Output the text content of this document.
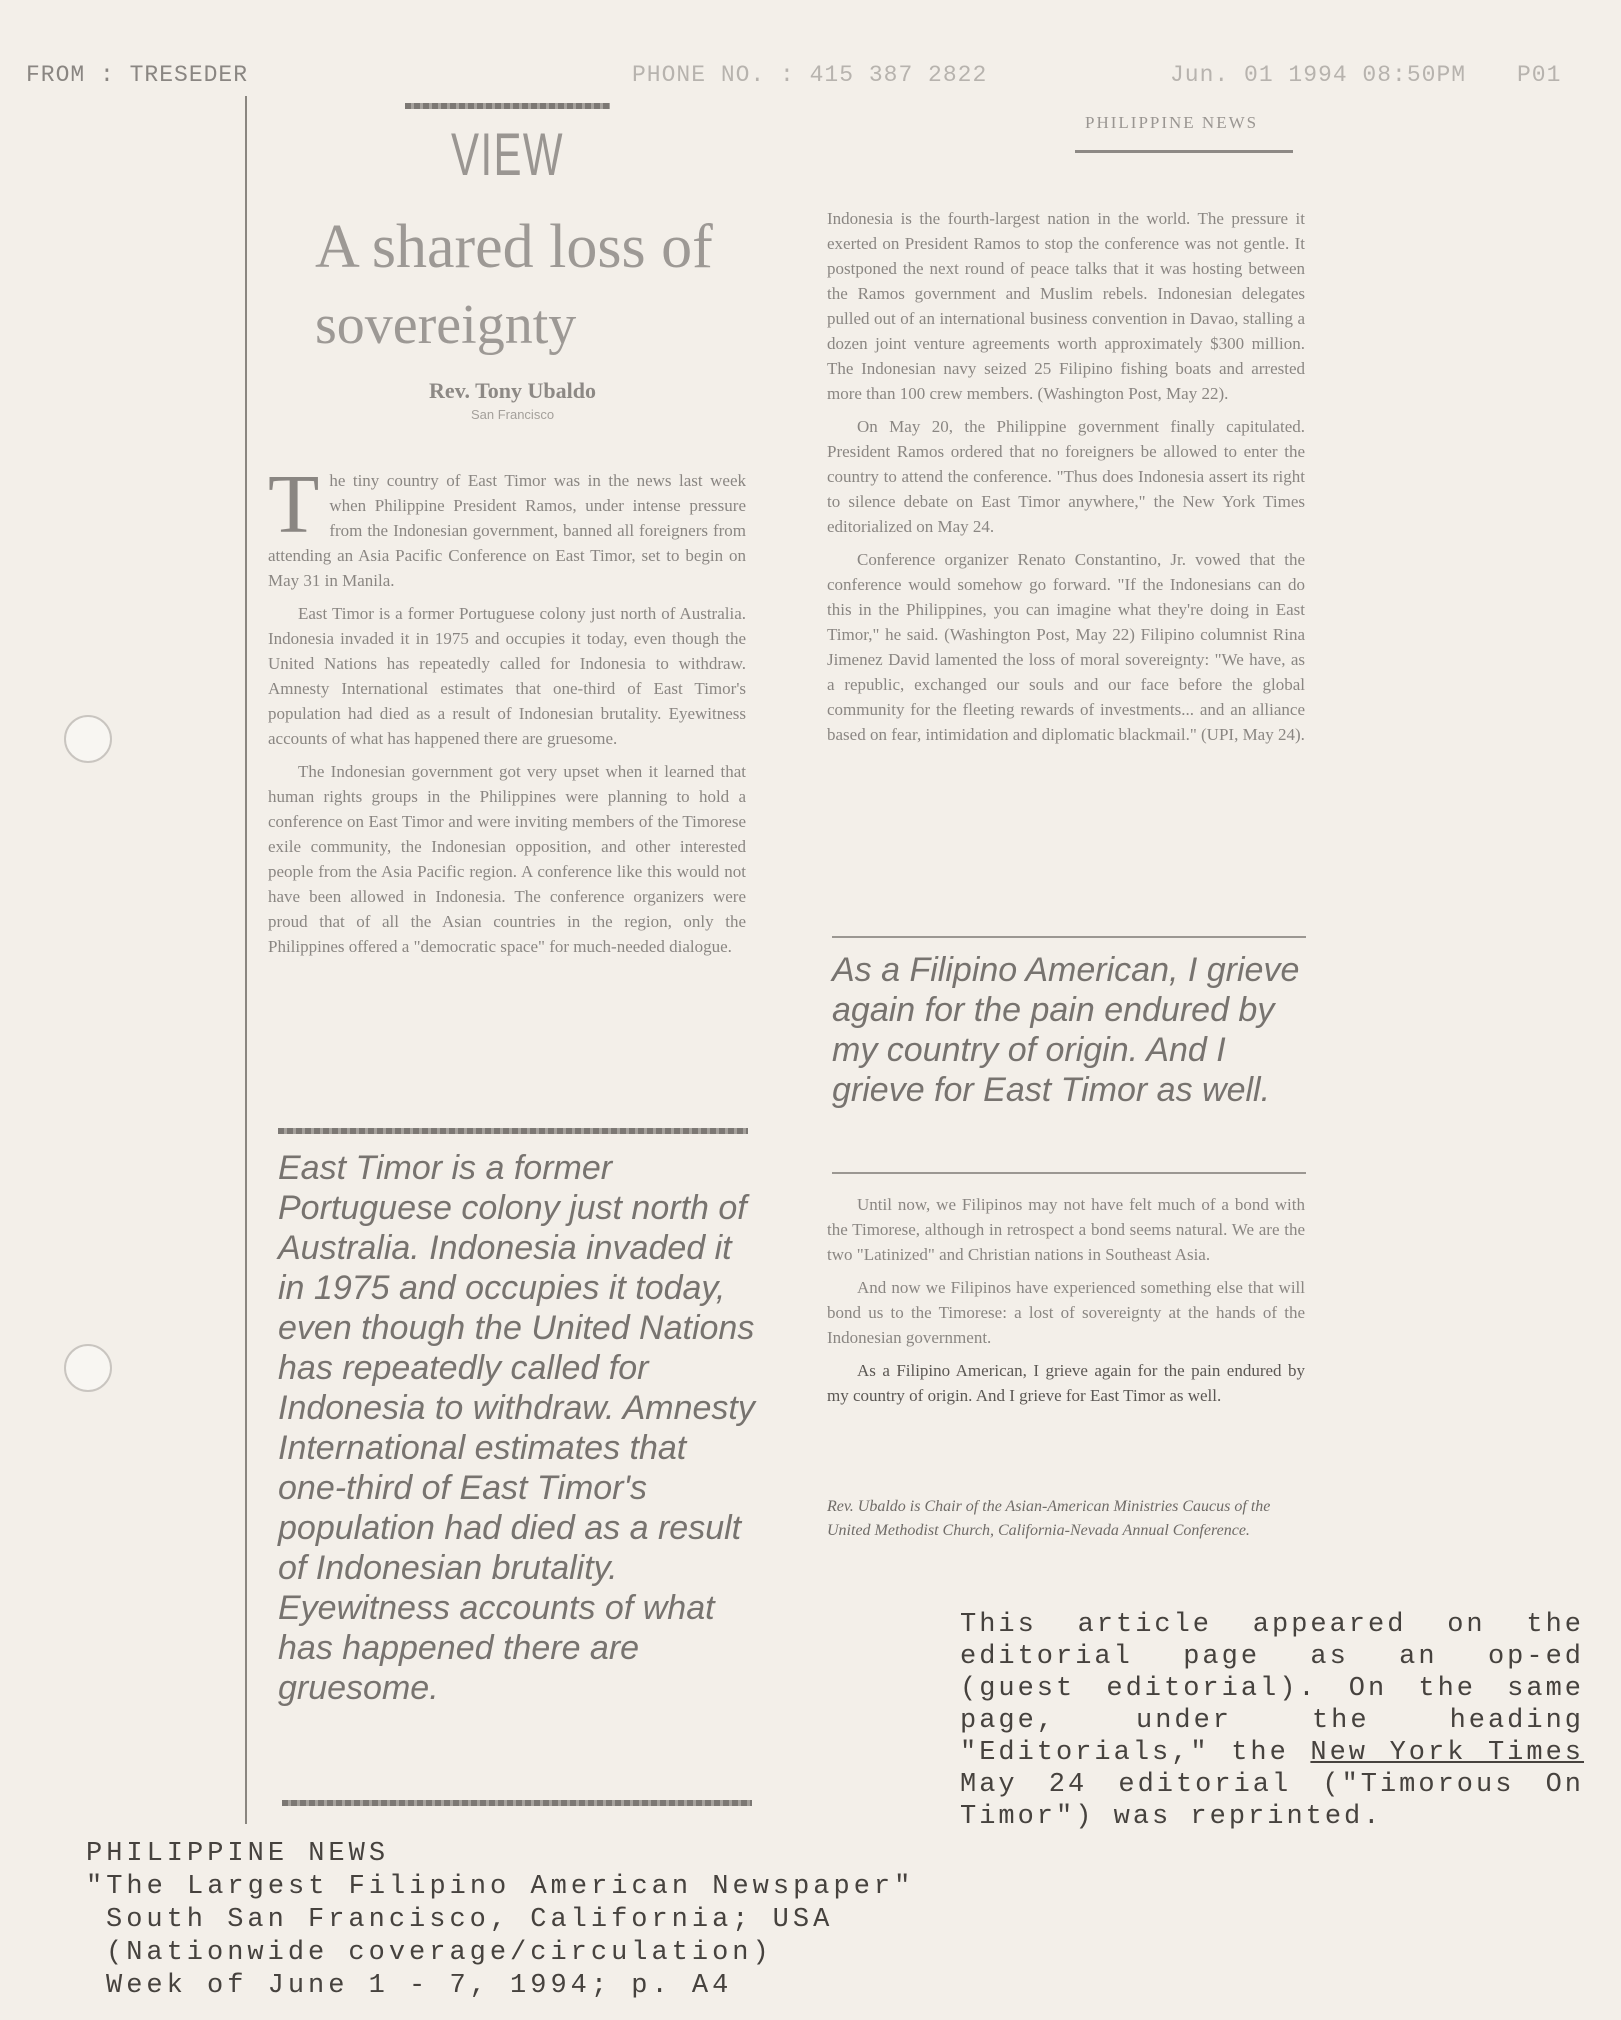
FROM : TRESEDER	PHONE NO. : 415 387 2822	Jun. 01 1994 08:50PM P01
VIEW	PHILIPPINE NEWS
A shared loss of
sovereignty
Rev. Tony Ubaldo
San Francisco

The tiny country of East Timor was in the news last week when Philippine President Ramos, under intense pressure from the Indonesian government, banned all foreigners from attending an Asia Pacific Conference on East Timor, set to begin on May 31 in Manila.

East Timor is a former Portuguese colony just north of Australia. Indonesia invaded it in 1975 and occupies it today, even though the United Nations has repeatedly called for Indonesia to withdraw. Amnesty International estimates that one-third of East Timor's population had died as a result of Indonesian brutality. Eyewitness accounts of what has happened there are gruesome.

The Indonesian government got very upset when it learned that human rights groups in the Philippines were planning to hold a conference on East Timor and were inviting members of the Timorese exile community, the Indonesian opposition, and other interested people from the Asia Pacific region. A conference like this would not have been allowed in Indonesia. The conference organizers were proud that of all the Asian countries in the region, only the Philippines offered a "democratic space" for much-needed dialogue.

East Timor is a former Portuguese colony just north of Australia. Indonesia invaded it in 1975 and occupies it today, even though the United Nations has repeatedly called for Indonesia to withdraw. Amnesty International estimates that one-third of East Timor's population had died as a result of Indonesian brutality. Eyewitness accounts of what has happened there are gruesome.

Indonesia is the fourth-largest nation in the world. The pressure it exerted on President Ramos to stop the conference was not gentle. It postponed the next round of peace talks that it was hosting between the Ramos government and Muslim rebels. Indonesian delegates pulled out of an international business convention in Davao, stalling a dozen joint venture agreements worth approximately $300 million. The Indonesian navy seized 25 Filipino fishing boats and arrested more than 100 crew members. (Washington Post, May 22).

On May 20, the Philippine government finally capitulated. President Ramos ordered that no foreigners be allowed to enter the country to attend the conference. "Thus does Indonesia assert its right to silence debate on East Timor anywhere," the New York Times editorialized on May 24.

Conference organizer Renato Constantino, Jr. vowed that the conference would somehow go forward. "If the Indonesians can do this in the Philippines, you can imagine what they're doing in East Timor," he said. (Washington Post, May 22) Filipino columnist Rina Jimenez David lamented the loss of moral sovereignty: "We have, as a republic, exchanged our souls and our face before the global community for the fleeting rewards of investments... and an alliance based on fear, intimidation and diplomatic blackmail." (UPI, May 24).

As a Filipino American, I grieve again for the pain endured by my country of origin. And I grieve for East Timor as well.

Until now, we Filipinos may not have felt much of a bond with the Timorese, although in retrospect a bond seems natural. We are the two "Latinized" and Christian nations in Southeast Asia.

And now we Filipinos have experienced something else that will bond us to the Timorese: a lost of sovereignty at the hands of the Indonesian government.

As a Filipino American, I grieve again for the pain endured by my country of origin. And I grieve for East Timor as well.

Rev. Ubaldo is Chair of the Asian-American Ministries Caucus of the United Methodist Church, California-Nevada Annual Conference.
This article appeared on the editorial page as an op-ed (guest editorial). On the same page, under the heading "Editorials," the New York Times May 24 editorial ("Timorous On Timor") was reprinted.
PHILIPPINE NEWS
"The Largest Filipino American Newspaper"
South San Francisco, California; USA
(Nationwide coverage/circulation)
Week of June 1 - 7, 1994; p. A4
